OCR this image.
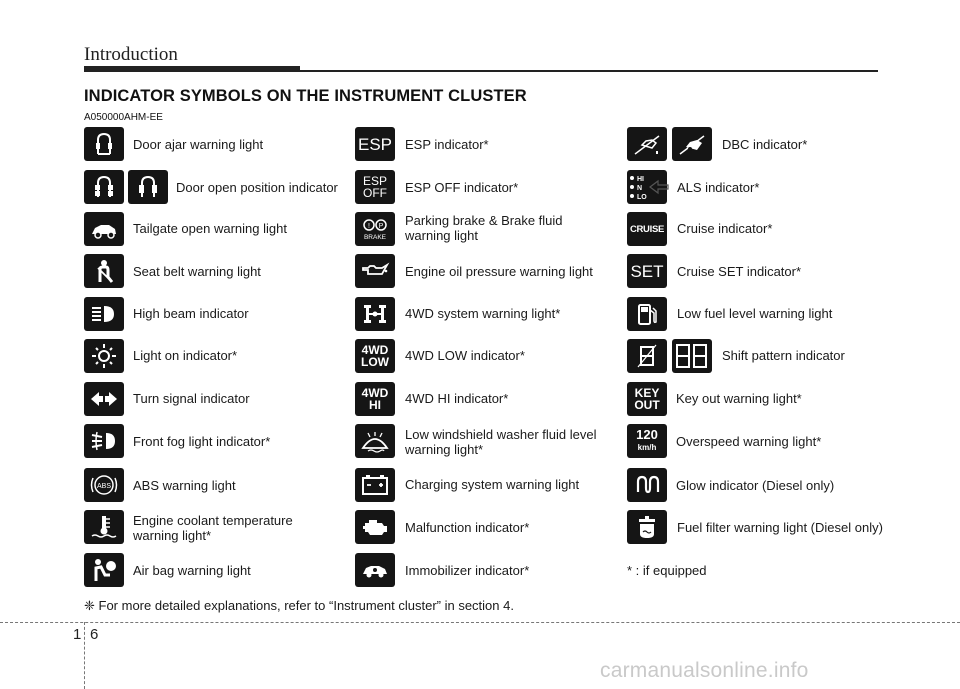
Introduction
INDICATOR SYMBOLS ON THE INSTRUMENT CLUSTER
A050000AHM-EE
Door ajar warning light
Door open position indicator
Tailgate open warning light
Seat belt warning light
High beam indicator
Light on indicator*
Turn signal indicator
Front fog light indicator*
ABS ABS warning light
Engine coolant temperature
warning light*
Air bag warning light
ESP ESP indicator*
ESP
OFF ESP OFF indicator*
! P
BRAKE
Parking brake & Brake fluid
warning light
Engine oil pressure warning light
4WD system warning light*
4WD
LOW 4WD LOW indicator*
4WD
HI	4WD HI indicator*
Low windshield washer fluid level
warning light*
Charging system warning light
Malfunction indicator*
Immobilizer indicator*
DBC indicator*
HI
N
LO
ALS indicator*
CRUISE Cruise indicator*
SET Cruise SET indicator*
Low fuel level warning light
Shift pattern indicator
KEY
OUT Key out warning light*
120
km/h Overspeed warning light*
Glow indicator (Diesel only)
Fuel filter warning light (Diesel only)
* : if equipped
❈ For more detailed explanations, refer to “Instrument cluster” in section 4.
1 6
carmanualsonline.info
